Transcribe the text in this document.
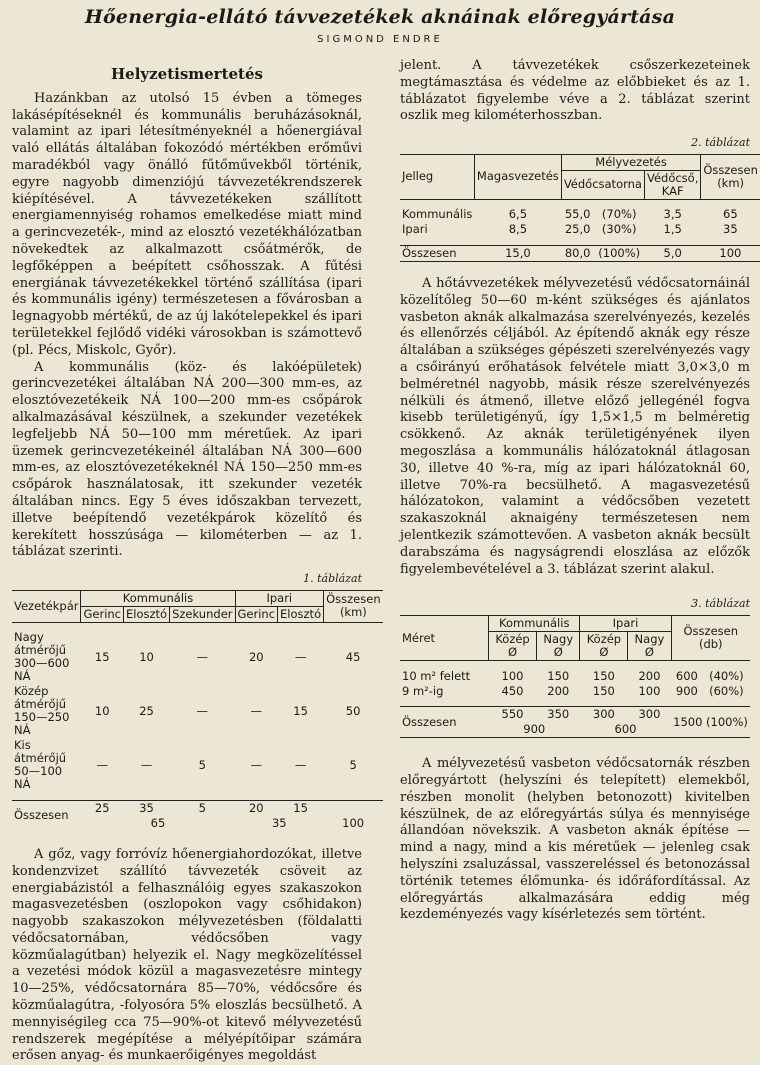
Hőenergia-ellátó távvezetékek aknáinak előregyártása
SIGMOND ENDRE
Helyzetismertetés

Hazánkban az utolsó 15 évben a tömeges lakásépítéseknél és kommunális beruházásoknál, valamint az ipari létesítményeknél a hőenergiával való ellátás általában fokozódó mértékben erőművi maradékból vagy önálló fűtőművekből történik, egyre nagyobb dimenziójú távvezetékrendszerek kiépítésével. A távvezetékeken szállított energiamennyiség rohamos emelkedése miatt mind a gerincvezeték-, mind az elosztó vezetékhálózatban növekedtek az alkalmazott csőátmérők, de legfőképpen a beépített csőhosszak. A fűtési energiának távvezetékekkel történő szállítása (ipari és kommunális igény) természetesen a fővárosban a legnagyobb mértékű, de az új lakótelepekkel és ipari területekkel fejlődő vidéki városokban is számottevő (pl. Pécs, Miskolc, Győr).

A kommunális (köz- és lakóépületek) gerincvezetékei általában NÁ 200—300 mm-es, az elosztóvezetékeik NÁ 100—200 mm-es csőpárok alkalmazásával készülnek, a szekunder vezetékek legfeljebb NÁ 50—100 mm méretűek. Az ipari üzemek gerincvezetékeinél általában NÁ 300—600 mm-es, az elosztóvezetékeknél NÁ 150—250 mm-es csőpárok használatosak, itt szekunder vezeték általában nincs. Egy 5 éves időszakban tervezett, illetve beépítendő vezetékpárok közelítő és kerekített hosszúsága — kilométerben — az 1. táblázat szerinti.

1. táblázat
Vezetékpár	Kommunális			Ipari		Összesen (km)
	Gerinc	Elosztó	Szekunder	Gerinc	Elosztó	

Nagy átmérőjű 300—600 NÁ	15	10	—	20	—	45
Közép átmérőjű 150—250 NÁ	10	25	—	—	15	50
Kis átmérőjű 50—100 NÁ	—	—	5	—	—	5

Összesen	25	35	5	20	15	
	65			35		100

A gőz, vagy forróvíz hőenergiahordozókat, illetve kondenzvizet szállító távvezeték csöveit az energiabázistól a felhasználóig egyes szakaszokon magasvezetésben (oszlopokon vagy csőhidakon) nagyobb szakaszokon mélyvezetésben (földalatti védőcsatornában, védőcsőben vagy közműalagútban) helyezik el. Nagy megközelítéssel a vezetési módok közül a magasvezetésre mintegy 10—25%, védőcsatornára 85—70%, védőcsőre és közműalagútra, -folyosóra 5% eloszlás becsülhető. A mennyiségileg cca 75—90%-ot kitevő mélyvezetésű rendszerek megépítése a mélyépítőipar számára erősen anyag- és munkaerőigényes megoldást

jelent. A távvezetékek csőszerkezeteinek megtámasztása és védelme az előbbieket és az 1. táblázatot figyelembe véve a 2. táblázat szerint oszlik meg kilométerhosszban.

2. táblázat
Jelleg	Magasvezetés	Mélyvezetés			Összesen (km)
		Védőcsatorna		Védőcső, KAF	

Kommunális	6,5	55,0	(70%)	3,5	65
Ipari	8,5	25,0	(30%)	1,5	35

Összesen	15,0	80,0	(100%)	5,0	100

A hőtávvezetékek mélyvezetésű védőcsatornáinál közelítőleg 50—60 m-ként szükséges és ajánlatos vasbeton aknák alkalmazása szerelvényezés, kezelés és ellenőrzés céljából. Az építendő aknák egy része általában a szükséges gépészeti szerelvényezés vagy a csőirányú erőhatások felvétele miatt 3,0×3,0 m belméretnél nagyobb, másik része szerelvényezés nélküli és átmenő, illetve előző jellegénél fogva kisebb területigényű, így 1,5×1,5 m belméretig csökkenő. Az aknák területigényének ilyen megoszlása a kommunális hálózatoknál átlagosan 30, illetve 40 %-ra, míg az ipari hálózatoknál 60, illetve 70%-ra becsülhető. A magasvezetésű hálózatokon, valamint a védőcsőben vezetett szakaszoknál aknaigény természetesen nem jelentkezik számottevően. A vasbeton aknák becsült darabszáma és nagyságrendi eloszlása az előzők figyelembevételével a 3. táblázat szerint alakul.

3. táblázat
Méret	Kommunális		Ipari		Összesen (db)	
	Közép Ø	Nagy Ø	Közép Ø	Nagy Ø		

10 m² felett	100	150	150	200	600	(40%)
9 m²-ig	450	200	150	100	900	(60%)

Összesen	550	350	300	300	1500 (100%)	
	900		600			

A mélyvezetésű vasbeton védőcsatornák részben előregyártott (helyszíni és telepített) elemekből, részben monolit (helyben betonozott) kivitelben készülnek, de az előregyártás súlya és mennyisége állandóan növekszik. A vasbeton aknák építése — mind a nagy, mind a kis méretűek — jelenleg csak helyszíni zsaluzással, vasszereléssel és betonozással történik tetemes élőmunka- és időráfordítással. Az előregyártás alkalmazására eddig még kezdeményezés vagy kísérletezés sem történt.
